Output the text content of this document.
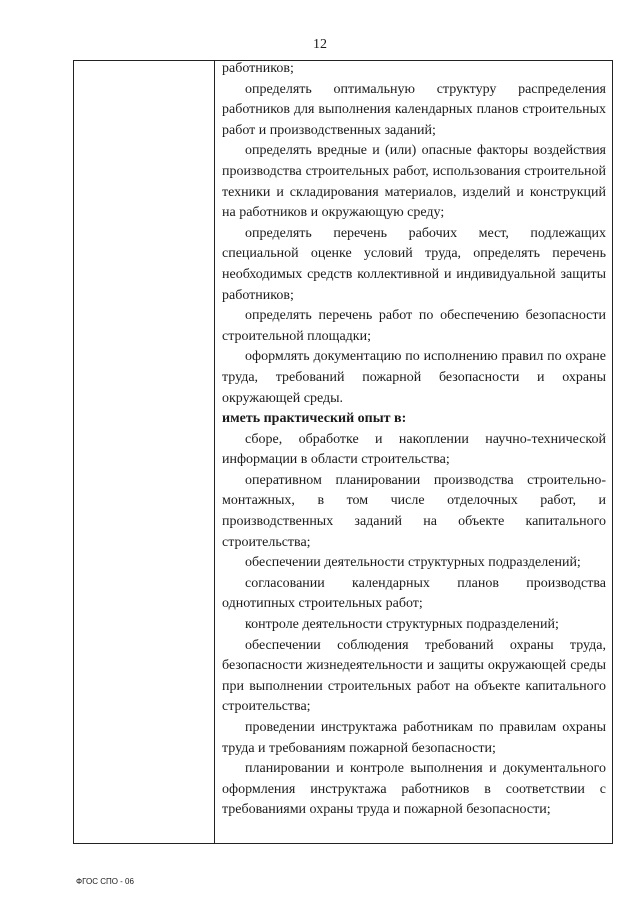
12

работников;

определять оптимальную структуру распределения работников для выполнения календарных планов строительных работ и производственных заданий;

определять вредные и (или) опасные факторы воздействия производства строительных работ, использования строительной техники и складирования материалов, изделий и конструкций на работников и окружающую среду;

определять перечень рабочих мест, подлежащих специальной оценке условий труда, определять перечень необходимых средств коллективной и индивидуальной защиты работников;

определять перечень работ по обеспечению безопасности строительной площадки;

оформлять документацию по исполнению правил по охране труда, требований пожарной безопасности и охраны окружающей среды.

иметь практический опыт в:

сборе, обработке и накоплении научно-технической информации в области строительства;

оперативном планировании производства строительно-монтажных, в том числе отделочных работ, и производственных заданий на объекте капитального строительства;

обеспечении деятельности структурных подразделений;

согласовании календарных планов производства однотипных строительных работ;

контроле деятельности структурных подразделений;

обеспечении соблюдения требований охраны труда, безопасности жизнедеятельности и защиты окружающей среды при выполнении строительных работ на объекте капитального строительства;

проведении инструктажа работникам по правилам охраны труда и требованиям пожарной безопасности;

планировании и контроле выполнения и документального оформления инструктажа работников в соответствии с требованиями охраны труда и пожарной безопасности;

ФГОС СПО - 06
